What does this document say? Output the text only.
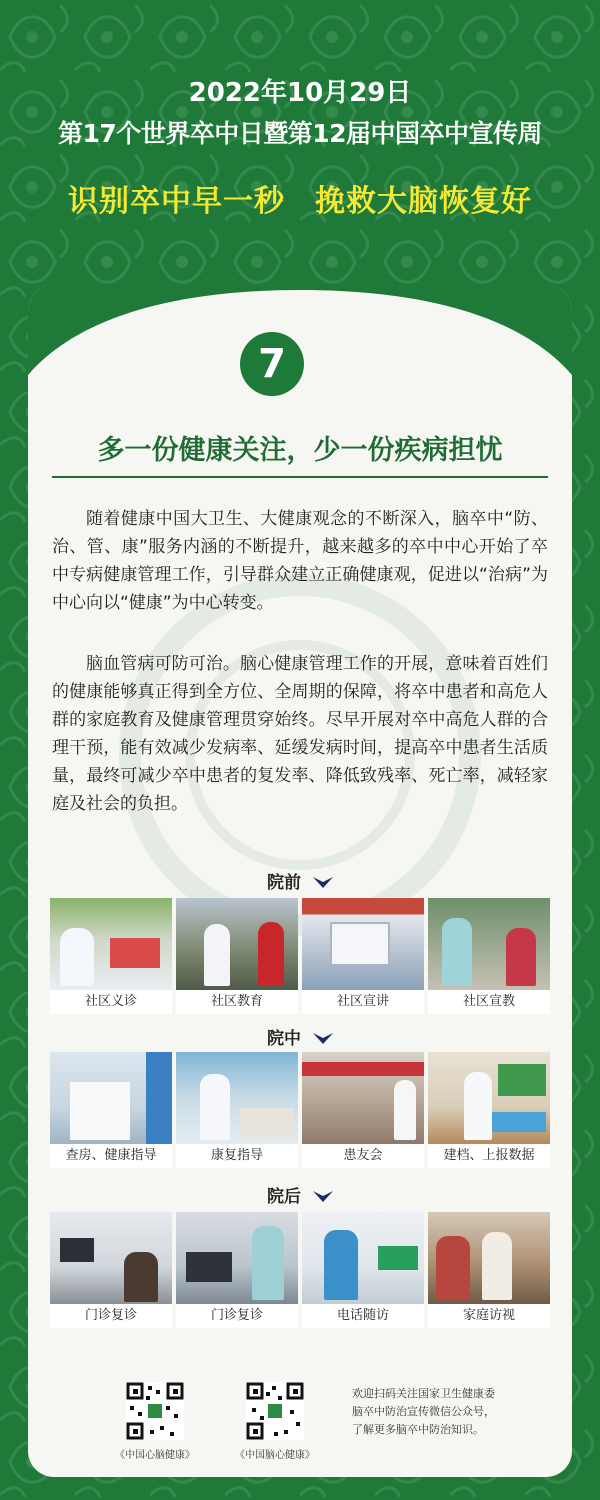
2022年10月29日
第17个世界卒中日暨第12届中国卒中宣传周
识别卒中早一秒 挽救大脑恢复好
7
多一份健康关注，少一份疾病担忧

随着健康中国大卫生、大健康观念的不断深入，脑卒中“防、治、管、康”服务内涵的不断提升，越来越多的卒中中心开始了卒中专病健康管理工作，引导群众建立正确健康观，促进以“治病”为中心向以“健康”为中心转变。

脑血管病可防可治。脑心健康管理工作的开展，意味着百姓们的健康能够真正得到全方位、全周期的保障，将卒中患者和高危人群的家庭教育及健康管理贯穿始终。尽早开展对卒中高危人群的合理干预，能有效减少发病率、延缓发病时间，提高卒中患者生活质量，最终可减少卒中患者的复发率、降低致残率、死亡率，减轻家庭及社会的负担。

院前
社区义诊	社区教育	社区宣讲	社区宣教
院中
查房、健康指导	康复指导	患友会	建档、上报数据
院后
门诊复诊	门诊复诊	电话随访	家庭访视
《中国心脑健康》	《中国脑心健康》
欢迎扫码关注国家卫生健康委
脑卒中防治宣传微信公众号，
了解更多脑卒中防治知识。
